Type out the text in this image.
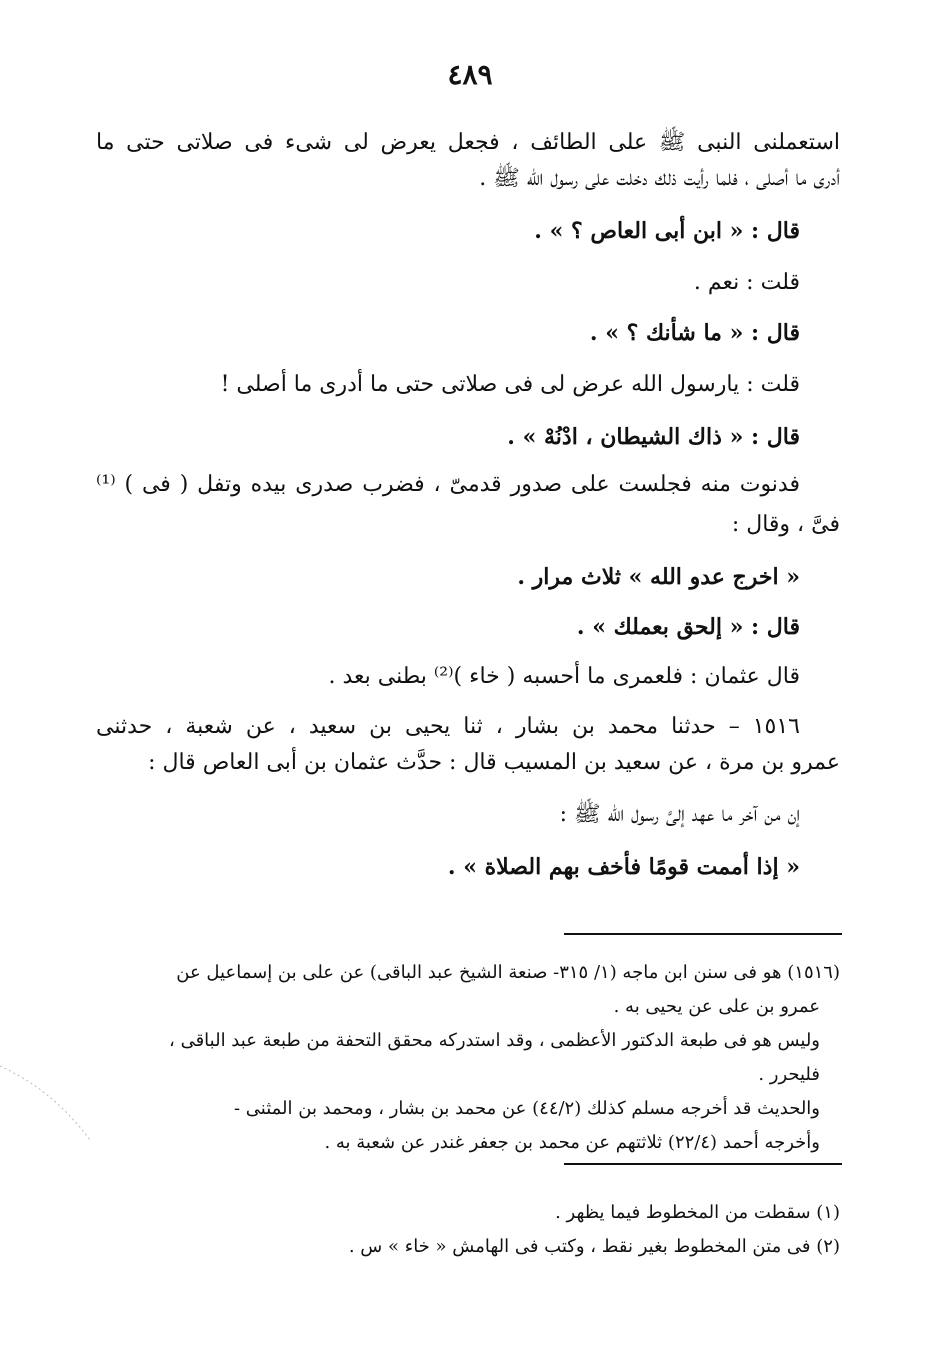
٤٨٩
استعملنى النبى ﷺ على الطائف ، فجعل يعرض لى شىء فى صلاتى حتى ما
أدرى ما أصلى ، فلما رأيت ذلك دخلت على رسول الله ﷺ .
قال : « ابن أبى العاص ؟ » .
قلت : نعم .
قال : « ما شأنك ؟ » .
قلت : يارسول الله عرض لى فى صلاتى حتى ما أدرى ما أصلى !
قال : « ذاك الشيطان ، ادْنُهْ » .
فدنوت منه فجلست على صدور قدمىّ ، فضرب صدرى بيده وتفل ( فى ) ⁽¹⁾
فىَّ ، وقال :
« اخرج عدو الله » ثلاث مرار .
قال : « إلحق بعملك » .
قال عثمان : فلعمرى ما أحسبه ( خاء )⁽²⁾ بطنى بعد .
١٥١٦ – حدثنا محمد بن بشار ، ثنا يحيى بن سعيد ، عن شعبة ، حدثنى
عمرو بن مرة ، عن سعيد بن المسيب قال : حدَّث عثمان بن أبى العاص قال :
إن من آخر ما عهد إلىَّ رسول الله ﷺ :
« إذا أممت قومًا فأخف بهم الصلاة » .
(١٥١٦) هو فى سنن ابن ماجه (١/ ٣١٥- صنعة الشيخ عبد الباقى) عن على بن إسماعيل عن
عمرو بن على عن يحيى به .
وليس هو فى طبعة الدكتور الأعظمى ، وقد استدركه محقق التحفة من طبعة عبد الباقى ،
فليحرر .
والحديث قد أخرجه مسلم كذلك (٤٤/٢) عن محمد بن بشار ، ومحمد بن المثنى -
وأخرجه أحمد (٢٢/٤) ثلاثتهم عن محمد بن جعفر غندر عن شعبة به .
(١) سقطت من المخطوط فيما يظهر .
(٢) فى متن المخطوط بغير نقط ، وكتب فى الهامش « خاء » س .
